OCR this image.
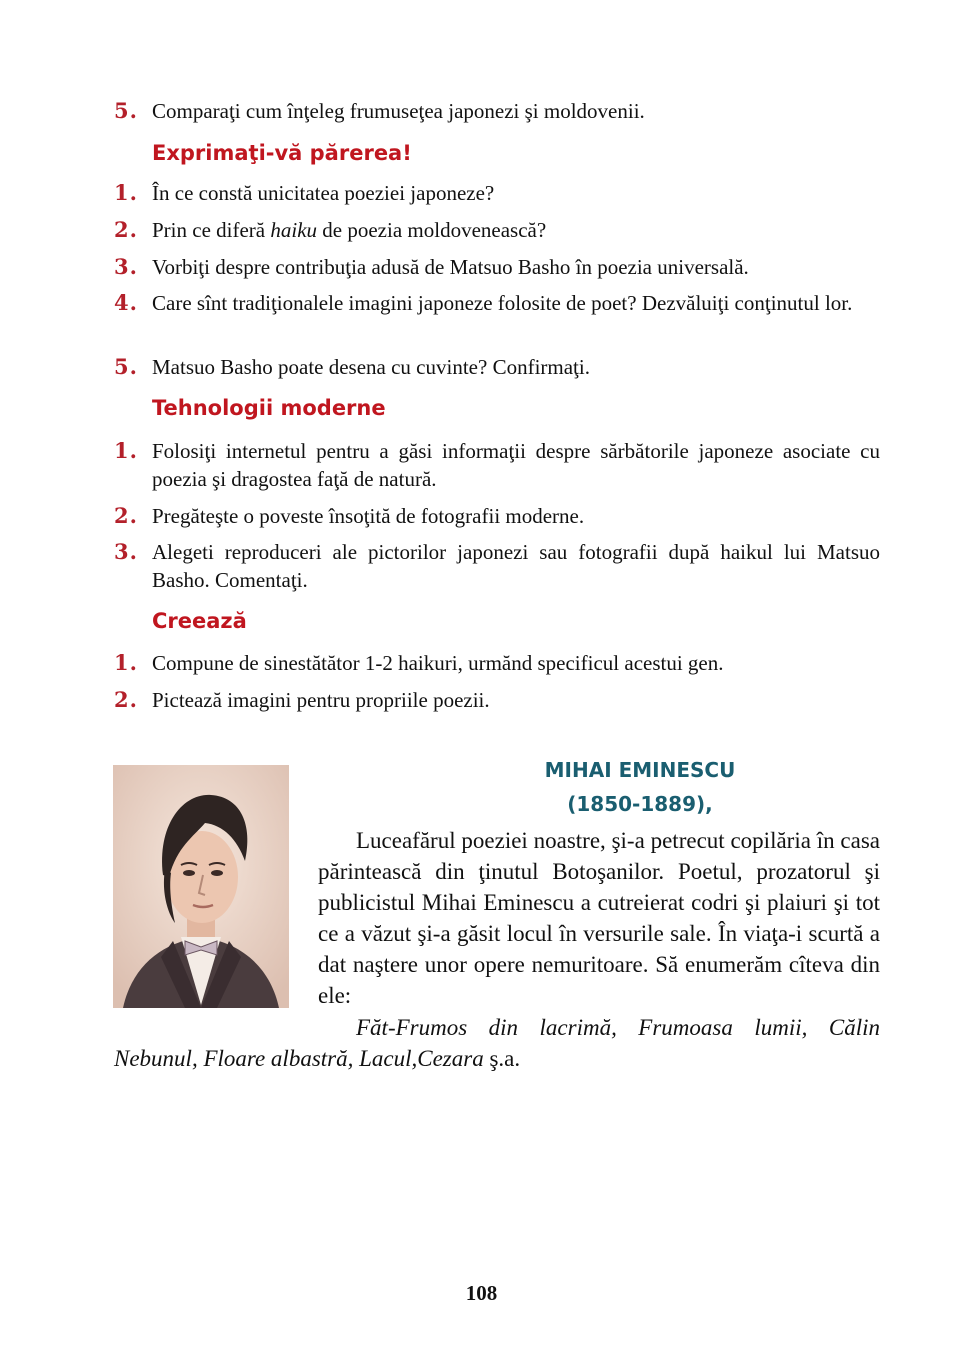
5. Comparaţi cum înţeleg frumuseţea japonezi şi moldovenii.
Exprimaţi-vă părerea!
1. În ce constă unicitatea poeziei japoneze?
2. Prin ce diferă haiku de poezia moldovenească?
3. Vorbiţi despre contribuţia adusă de Matsuo Basho în poezia universală.
4. Care sînt tradiţionalele imagini japoneze folosite de poet? Dezvăluiţi conţinutul lor.
5. Matsuo Basho poate desena cu cuvinte? Confirmaţi.
Tehnologii moderne
1. Folosiţi internetul pentru a găsi informaţii despre sărbătorile japoneze asociate cu poezia şi dragostea faţă de natură.
2. Pregăteşte o poveste însoţită de fotografii moderne.
3. Alegeti reproduceri ale pictorilor japonezi sau fotografii după haikul lui Matsuo Basho. Comentaţi.
Creează
1. Compune de sinestătător 1-2 haikuri, urmănd specificul acestui gen.
2. Pictează imagini pentru propriile poezii.
MIHAI EMINESCU
(1850-1889),
Luceafărul poeziei noastre, şi-a petrecut copilăria în casa părintească din ţinutul Botoşanilor. Poetul, prozatorul şi publicistul Mihai Eminescu a cutreierat codri şi plaiuri şi tot ce a văzut şi-a găsit locul în versurile sale. În viaţa-i scurtă a dat naştere unor opere nemuritoare. Să enumerăm cîteva din ele:
Făt-Frumos din lacrimă, Frumoasa lumii, Călin Nebunul, Floare albastră, Lacul,Cezara ş.a.
108
